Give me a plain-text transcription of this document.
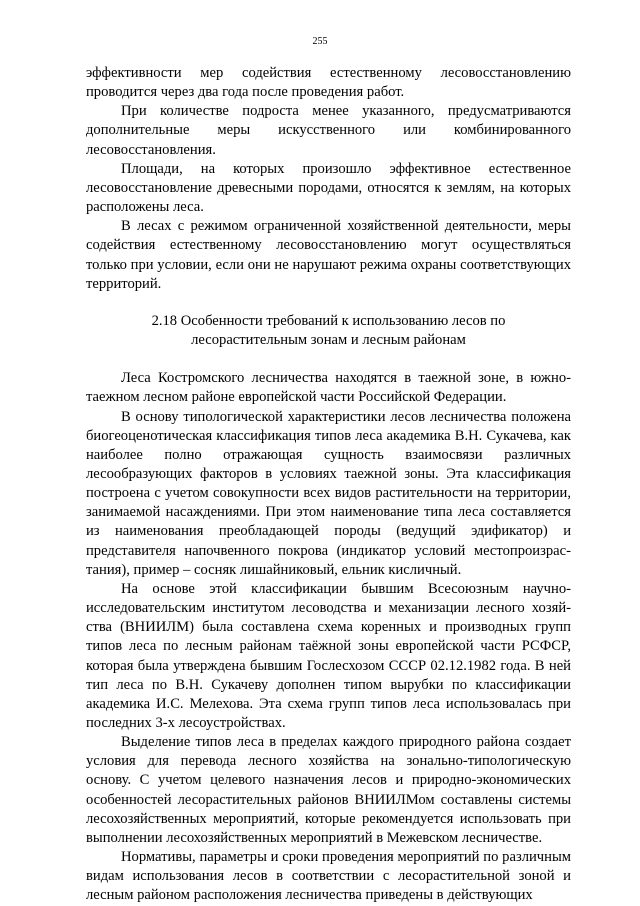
255

эффективности мер содействия естественному лесовосстановлению проводится через два года после проведения работ.

При количестве подроста менее указанного, предусматриваются дополнительные меры искусственного или комбинированного лесовосстановления.

Площади, на которых произошло эффективное естественное лесовосстановление древесными породами, относятся к землям, на которых расположены леса.

В лесах с режимом ограниченной хозяйственной деятельности, меры содействия естественному лесовосстановлению могут осуществляться только при условии, если они не нарушают режима охраны соответствующих территорий.

2.18 Особенности требований к использованию лесов по
лесорастительным зонам и лесным районам

Леса Костромского лесничества находятся в таежной зоне, в южнотаежном лесном районе европейской части Российской Федерации.

В основу типологической характеристики лесов лесничества положена биогеоценотическая классификация типов леса академика В.Н. Сукачева, как наиболее полно отражающая сущность взаимосвязи различных лесообразующих факторов в условиях таежной зоны. Эта классификация построена с учетом совокупности всех видов растительности на территории, занимаемой насаждениями. При этом наименование типа леса составляется из наименования преобладающей породы (ведущий эдификатор) и представителя напочвенного покрова (индикатор условий местопроизрастания), пример – сосняк лишайниковый, ельник кисличный.

На основе этой классификации бывшим Всесоюзным научно-исследовательским институтом лесоводства и механизации лесного хозяйства (ВНИИЛМ) была составлена схема коренных и производных групп типов леса по лесным районам таёжной зоны европейской части РСФСР, которая была утверждена бывшим Гослесхозом СССР 02.12.1982 года. В ней тип леса по В.Н. Сукачеву дополнен типом вырубки по классификации академика И.С. Мелехова. Эта схема групп типов леса использовалась при последних 3-х лесоустройствах.

Выделение типов леса в пределах каждого природного района создает условия для перевода лесного хозяйства на зонально-типологическую основу. С учетом целевого назначения лесов и природно-экономических особенностей лесорастительных районов ВНИИЛМом составлены системы лесохозяйственных мероприятий, которые рекомендуется использовать при выполнении лесохозяйственных мероприятий в Межевском лесничестве.

Нормативы, параметры и сроки проведения мероприятий по различным видам использования лесов в соответствии с лесорастительной зоной и лесным районом расположения лесничества приведены в действующих
